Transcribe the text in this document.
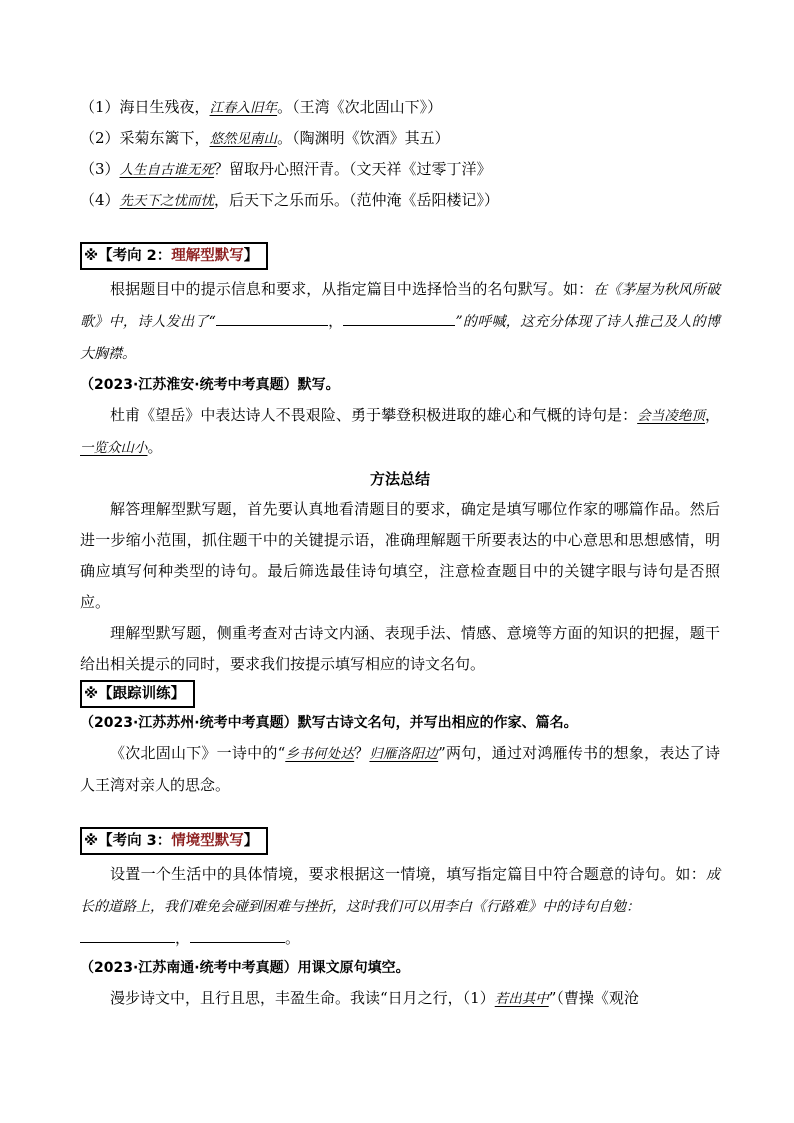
（1）海日生残夜，江春入旧年。（王湾《次北固山下》）
（2）采菊东篱下，悠然见南山。（陶渊明《饮酒》其五）
（3）人生自古谁无死？留取丹心照汗青。（文天祥《过零丁洋》
（4）先天下之忧而忧，后天下之乐而乐。（范仲淹《岳阳楼记》）
※【考向 2：理解型默写】
根据题目中的提示信息和要求，从指定篇目中选择恰当的名句默写。如：在《茅屋为秋风所破歌》中，诗人发出了“	，	”的呼喊，这充分体现了诗人推己及人的博大胸襟。
（2023·江苏淮安·统考中考真题）默写。
杜甫《望岳》中表达诗人不畏艰险、勇于攀登积极进取的雄心和气概的诗句是：会当凌绝顶，一览众山小。
方法总结
解答理解型默写题，首先要认真地看清题目的要求，确定是填写哪位作家的哪篇作品。然后进一步缩小范围，抓住题干中的关键提示语，准确理解题干所要表达的中心意思和思想感情，明确应填写何种类型的诗句。最后筛选最佳诗句填空，注意检查题目中的关键字眼与诗句是否照应。
理解型默写题，侧重考查对古诗文内涵、表现手法、情感、意境等方面的知识的把握，题干给出相关提示的同时，要求我们按提示填写相应的诗文名句。
※【跟踪训练】
（2023·江苏苏州·统考中考真题）默写古诗文名句，并写出相应的作家、篇名。
《次北固山下》一诗中的“乡书何处达？归雁洛阳边”两句，通过对鸿雁传书的想象，表达了诗人王湾对亲人的思念。
※【考向 3：情境型默写】
设置一个生活中的具体情境，要求根据这一情境，填写指定篇目中符合题意的诗句。如：成长的道路上，我们难免会碰到困难与挫折，这时我们可以用李白《行路难》中的诗句自勉：
，	。
（2023·江苏南通·统考中考真题）用课文原句填空。
漫步诗文中，且行且思，丰盈生命。我读“日月之行，（1）若出其中”（曹操《观沧
